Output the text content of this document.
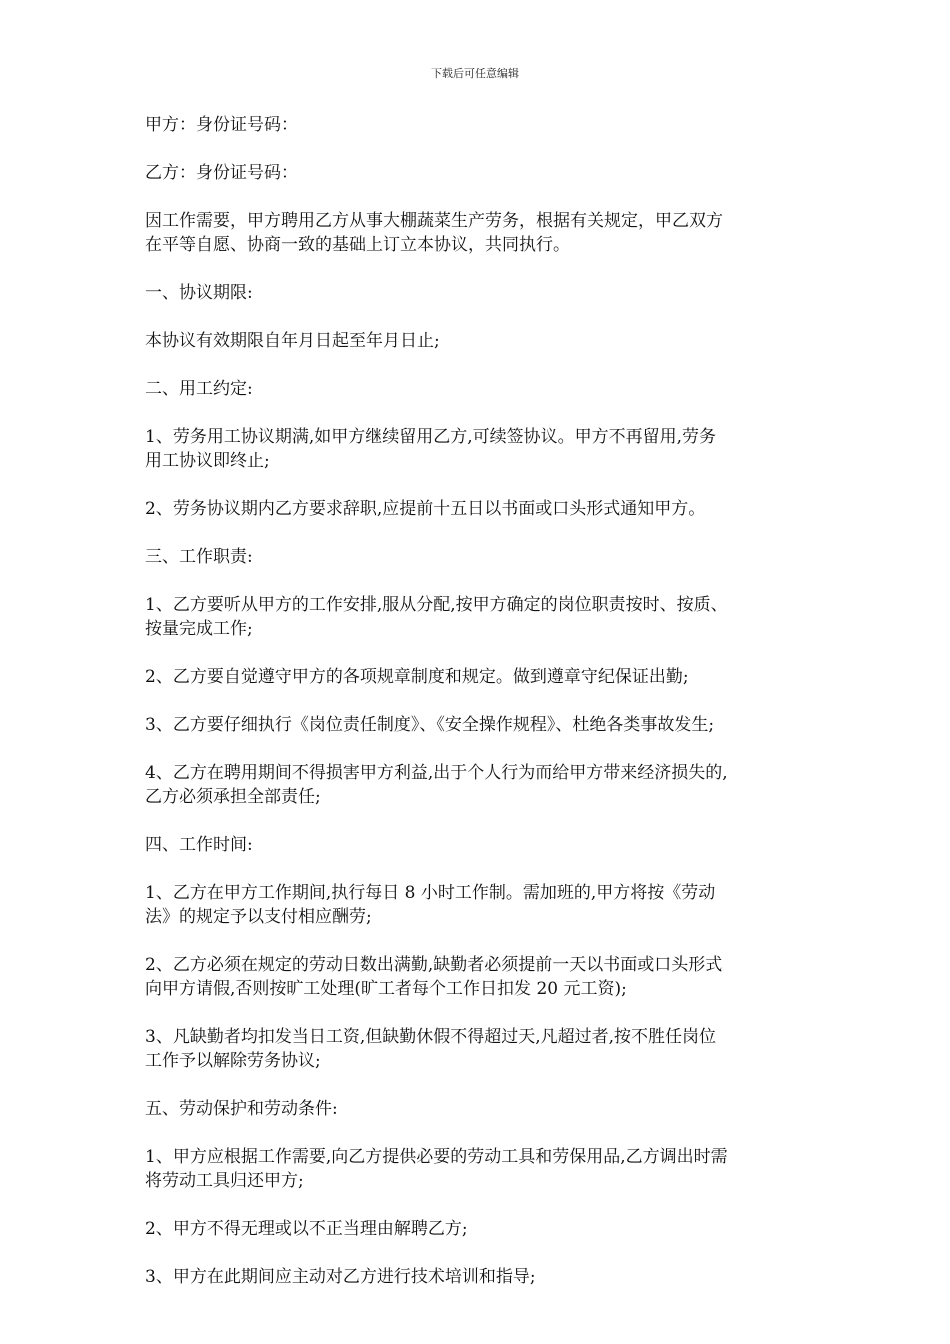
下载后可任意编辑

甲方：身份证号码：

乙方：身份证号码：

因工作需要，甲方聘用乙方从事大棚蔬菜生产劳务，根据有关规定，甲乙双方
在平等自愿、协商一致的基础上订立本协议，共同执行。

一、协议期限:

本协议有效期限自年月日起至年月日止;

二、用工约定:

1、劳务用工协议期满,如甲方继续留用乙方,可续签协议。甲方不再留用,劳务
用工协议即终止;

2、劳务协议期内乙方要求辞职,应提前十五日以书面或口头形式通知甲方。

三、工作职责:

1、乙方要听从甲方的工作安排,服从分配,按甲方确定的岗位职责按时、按质、
按量完成工作;

2、乙方要自觉遵守甲方的各项规章制度和规定。做到遵章守纪保证出勤;

3、乙方要仔细执行《岗位责任制度》、《安全操作规程》、杜绝各类事故发生;

4、乙方在聘用期间不得损害甲方利益,出于个人行为而给甲方带来经济损失的,
乙方必须承担全部责任;

四、工作时间:

1、乙方在甲方工作期间,执行每日 8 小时工作制。需加班的,甲方将按《劳动
法》的规定予以支付相应酬劳;

2、乙方必须在规定的劳动日数出满勤,缺勤者必须提前一天以书面或口头形式
向甲方请假,否则按旷工处理(旷工者每个工作日扣发 20 元工资);

3、凡缺勤者均扣发当日工资,但缺勤休假不得超过天,凡超过者,按不胜任岗位
工作予以解除劳务协议;

五、劳动保护和劳动条件:

1、甲方应根据工作需要,向乙方提供必要的劳动工具和劳保用品,乙方调出时需
将劳动工具归还甲方;

2、甲方不得无理或以不正当理由解聘乙方;

3、甲方在此期间应主动对乙方进行技术培训和指导;
